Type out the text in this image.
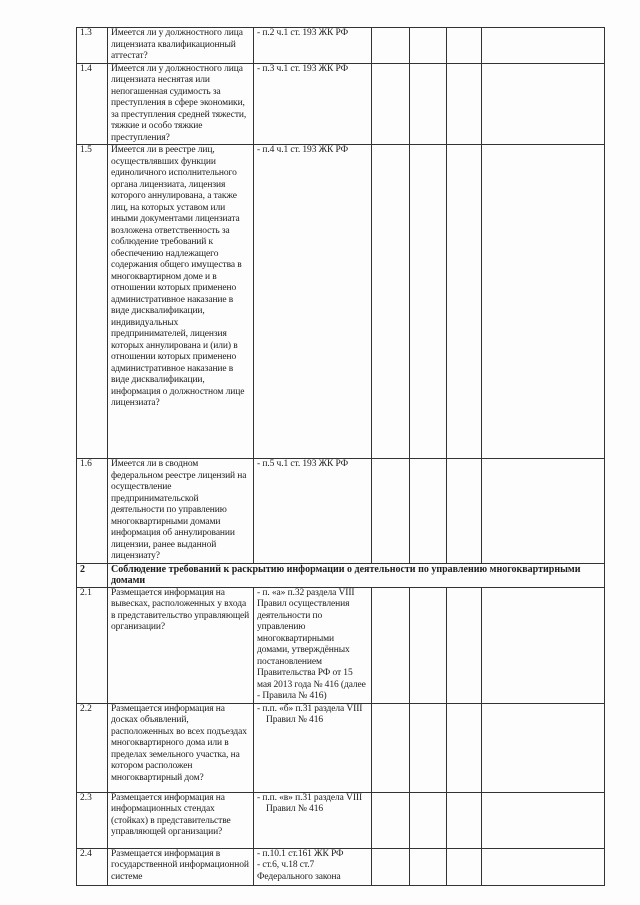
1.3	Имеется ли у должностного лица лицензиата квалификационный аттестат?	- п.2 ч.1 ст. 193 ЖК РФ				

1.4	Имеется ли у должностного лица лицензиата неснятая или непогашенная судимость за преступления в сфере экономики, за преступления средней тяжести, тяжкие и особо тяжкие преступления?	- п.3 ч.1 ст. 193 ЖК РФ				

1.5	Имеется ли в реестре лиц, осуществлявших функции единоличного исполнительного органа лицензиата, лицензия которого аннулирована, а также лиц, на которых уставом или иными документами лицензиата возложена ответственность за соблюдение требований к обеспечению надлежащего содержания общего имущества в многоквартирном доме и в отношении которых применено административное наказание в виде дисквалификации, индивидуальных предпринимателей, лицензия которых аннулирована и (или) в отношении которых применено административное наказание в виде дисквалификации, информация о должностном лице лицензиата?	- п.4 ч.1 ст. 193 ЖК РФ				

1.6	Имеется ли в сводном федеральном реестре лицензий на осуществление предпринимательской деятельности по управлению многоквартирными домами информация об аннулировании лицензии, ранее выданной лицензиату?	- п.5 ч.1 ст. 193 ЖК РФ				

2	Соблюдение требований к раскрытию информации о деятельности по управлению многоквартирными домами					
2.1	Размещается информация на вывесках, расположенных у входа в представительство управляющей организации?	- п. «а» п.32 раздела VIII Правил осуществления деятельности по управлению многоквартирными домами, утверждённых постановлением Правительства РФ от 15 мая 2013 года № 416 (далее - Правила № 416)				

2.2	Размещается информация на досках объявлений, расположенных во всех подъездах многоквартирного дома или в пределах земельного участка, на котором расположен многоквартирный дом?	- п.п. «б» п.31 раздела VIII
Правил № 416				

2.3	Размещается информация на информационных стендах (стойках) в представительстве управляющей организации?	- п.п. «в» п.31 раздела VIII
Правил № 416				

2.4	Размещается информация в государственной информационной системе	- п.10.1 ст.161 ЖК РФ
- ст.6, ч.18 ст.7
Федерального закона				
